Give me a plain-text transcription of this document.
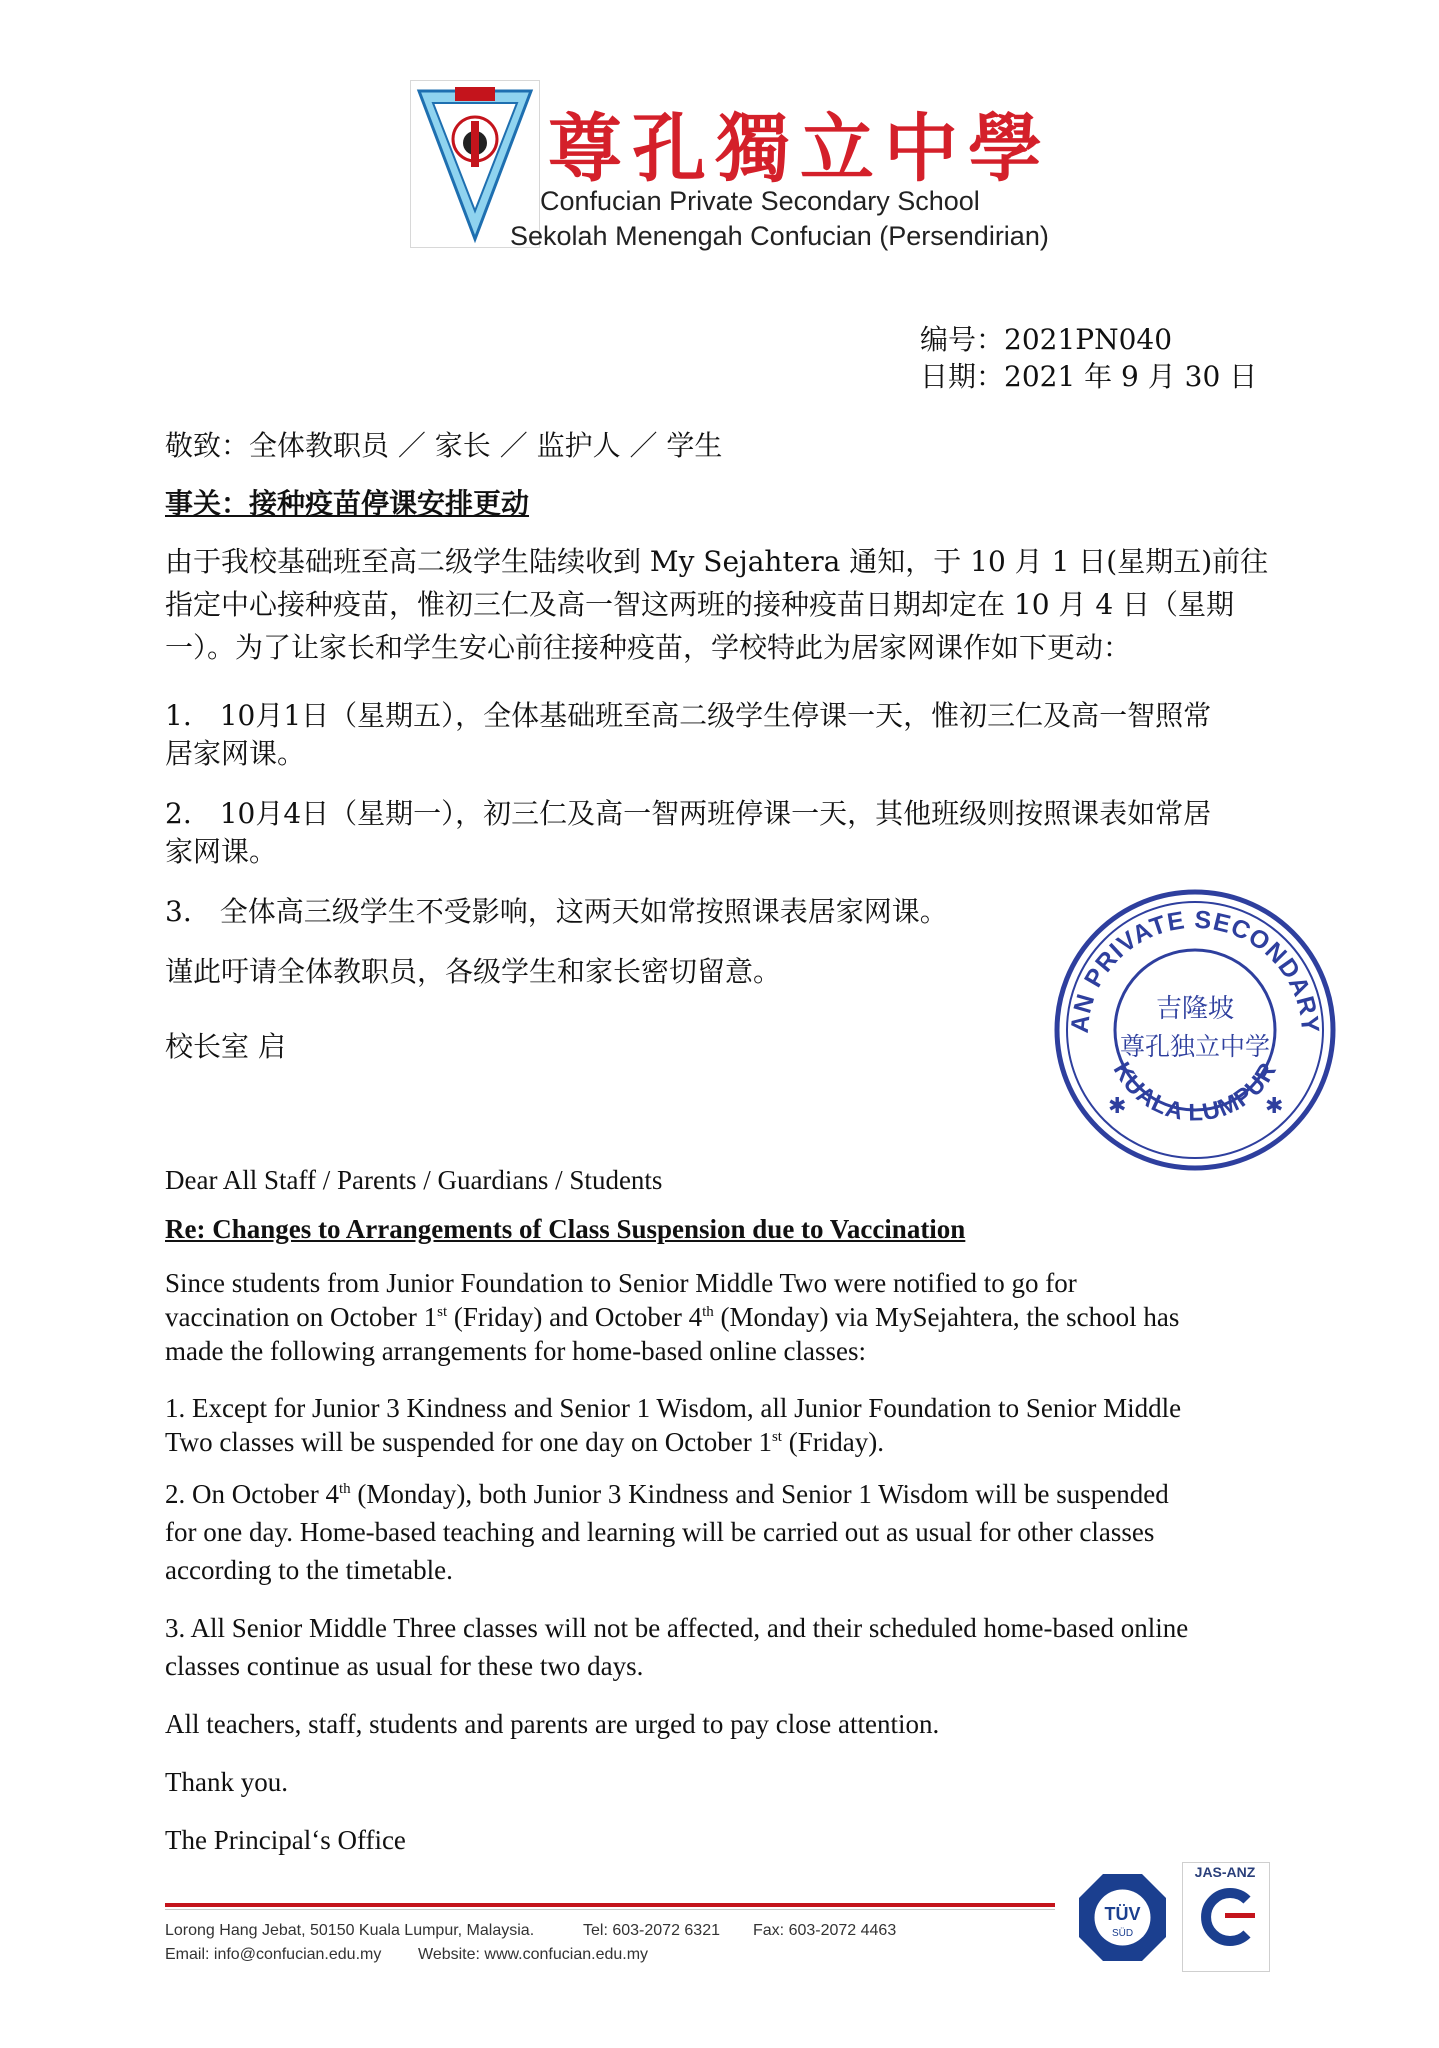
尊孔獨立中學
Confucian Private Secondary School
Sekolah Menengah Confucian (Persendirian)
编号：2021PN040
日期：2021 年 9 月 30 日
敬致：全体教职员 ／ 家长 ／ 监护人 ／ 学生
事关：接种疫苗停课安排更动
由于我校基础班至高二级学生陆续收到 My Sejahtera 通知，于 10 月 1 日(星期五)前往
指定中心接种疫苗，惟初三仁及高一智这两班的接种疫苗日期却定在 10 月 4 日（星期
一）。为了让家长和学生安心前往接种疫苗，学校特此为居家网课作如下更动：
1.　10月1日（星期五），全体基础班至高二级学生停课一天，惟初三仁及高一智照常
居家网课。
2.　10月4日（星期一），初三仁及高一智两班停课一天，其他班级则按照课表如常居
家网课。
3.　全体高三级学生不受影响，这两天如常按照课表居家网课。
谨此吁请全体教职员，各级学生和家长密切留意。
校长室 启
AN PRIVATE SECONDARY
KUALA LUMPUR
吉隆坡
尊孔独立中学
✱	✱
Dear All Staff / Parents / Guardians / Students
Re: Changes to Arrangements of Class Suspension due to Vaccination
Since students from Junior Foundation to Senior Middle Two were notified to go for
vaccination on October 1st (Friday) and October 4th (Monday) via MySejahtera, the school has
made the following arrangements for home-based online classes:
1. Except for Junior 3 Kindness and Senior 1 Wisdom, all Junior Foundation to Senior Middle
Two classes will be suspended for one day on October 1st (Friday).
2. On October 4th (Monday), both Junior 3 Kindness and Senior 1 Wisdom will be suspended
for one day. Home-based teaching and learning will be carried out as usual for other classes
according to the timetable.
3. All Senior Middle Three classes will not be affected, and their scheduled home-based online
classes continue as usual for these two days.
All teachers, staff, students and parents are urged to pay close attention.
Thank you.
The Principal‘s Office
Lorong Hang Jebat, 50150 Kuala Lumpur, Malaysia.	Tel: 603-2072 6321 Fax: 603-2072 4463
Email: info@confucian.edu.my Website: www.confucian.edu.my
TÜV
SÜD
JAS-ANZ
